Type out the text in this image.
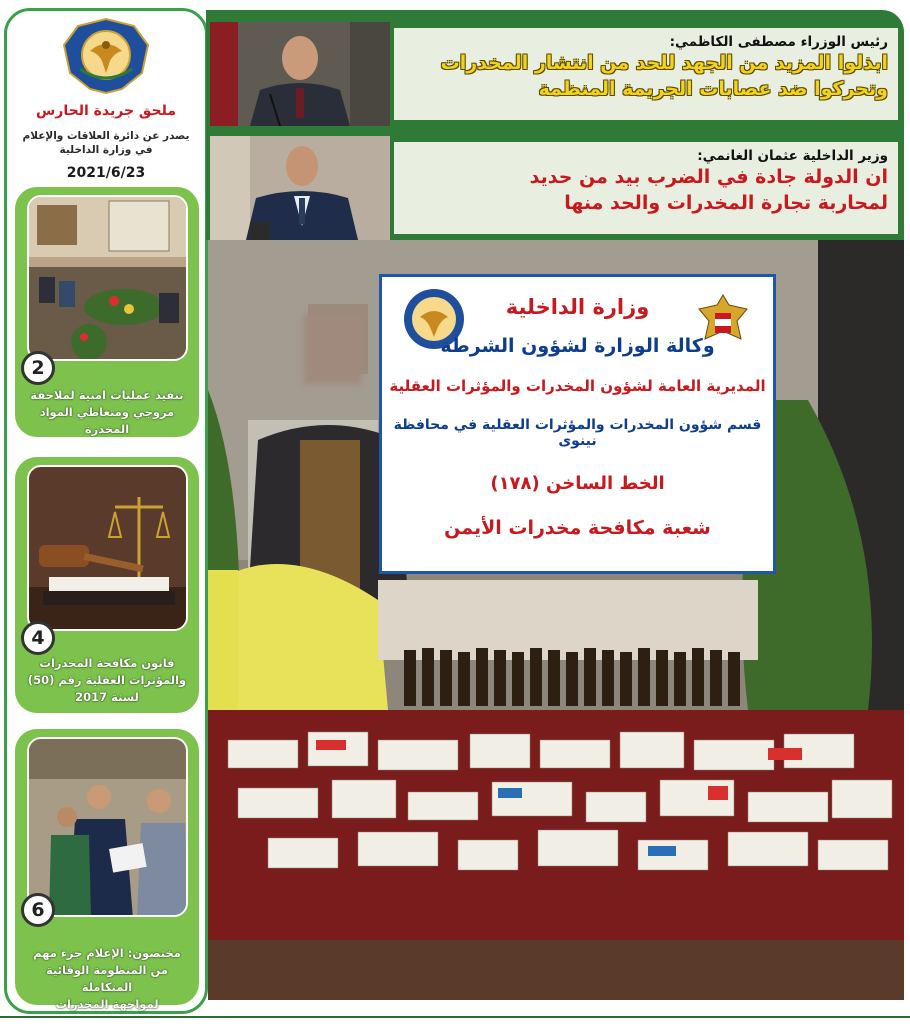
ملحق جريدة الحارس
يصدر عن دائرة العلاقات والإعلام
في وزارة الداخلية
2021/6/23
2
تنفيذ عمليات امنية لملاحقة
مروجي ومتعاطي المواد المخدرة
4
قانون مكافحة المخدرات
والمؤثرات العقلية رقم (50)
لسنة 2017
6
مختصون: الإعلام جزء مهم
من المنظومة الوقائية المتكاملة
لمواجهة المخدرات
رئيس الوزراء مصطفى الكاظمي:
ابذلوا المزيد من الجهد للحد من انتشار المخدرات
وتحركوا ضد عصابات الجريمة المنظمة
وزير الداخلية عثمان الغانمي:
ان الدولة جادة في الضرب بيد من حديد
لمحاربة تجارة المخدرات والحد منها
وزارة الداخلية
وكالة الوزارة لشؤون الشرطة
المديرية العامة لشؤون المخدرات والمؤثرات العقلية
قسم شؤون المخدرات والمؤثرات العقلية في محافظة نينوى
الخط الساخن (١٧٨)
شعبة مكافحة مخدرات الأيمن
